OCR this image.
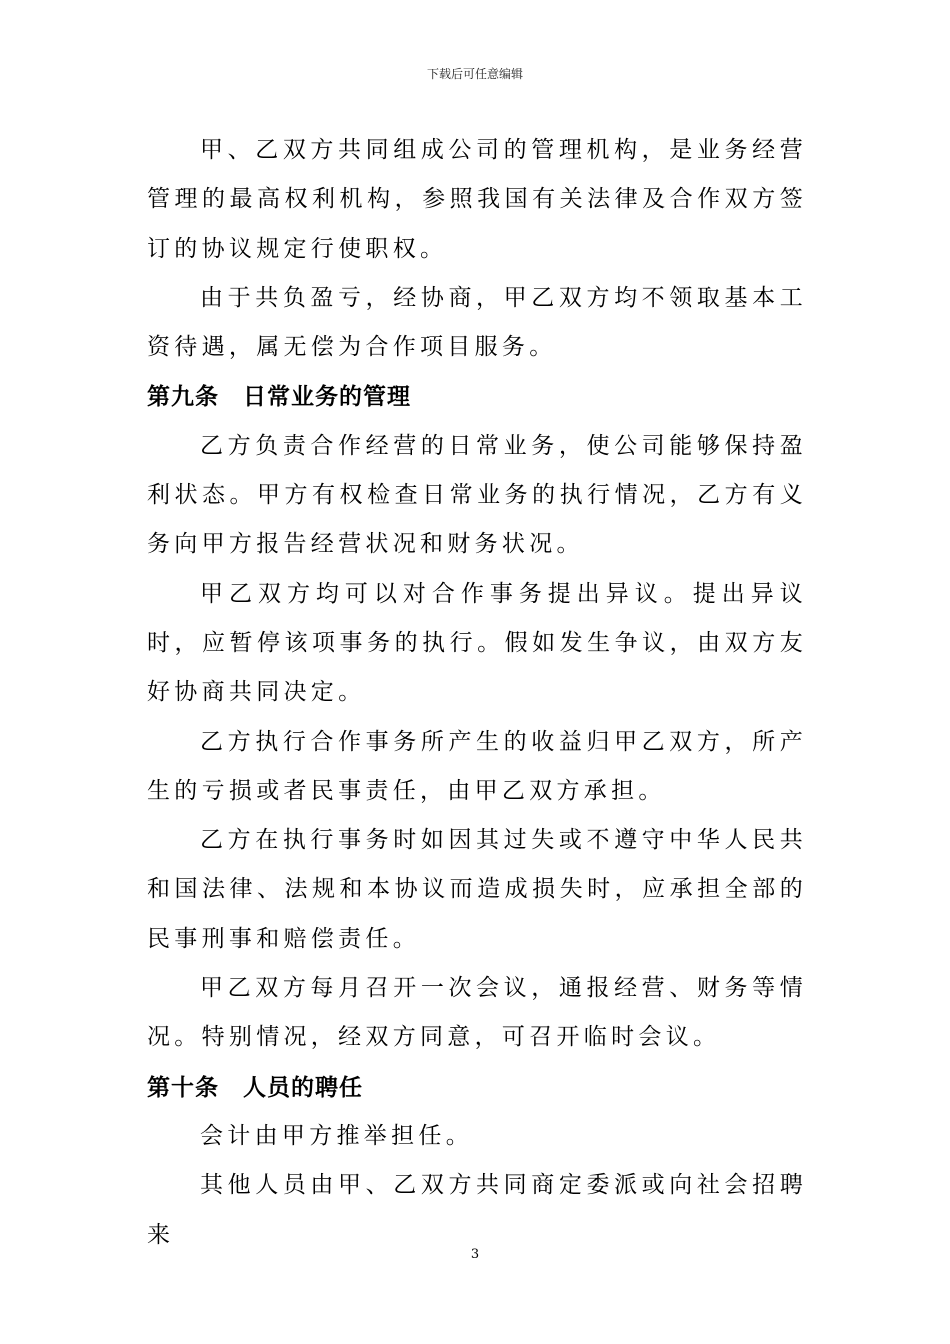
下载后可任意编辑

甲、乙双方共同组成公司的管理机构，是业务经营管理的最高权利机构，参照我国有关法律及合作双方签订的协议规定行使职权。

由于共负盈亏，经协商，甲乙双方均不领取基本工资待遇，属无偿为合作项目服务。

第九条　日常业务的管理

乙方负责合作经营的日常业务，使公司能够保持盈利状态。甲方有权检查日常业务的执行情况，乙方有义务向甲方报告经营状况和财务状况。

甲乙双方均可以对合作事务提出异议。提出异议时，应暂停该项事务的执行。假如发生争议，由双方友好协商共同决定。

乙方执行合作事务所产生的收益归甲乙双方，所产生的亏损或者民事责任，由甲乙双方承担。

乙方在执行事务时如因其过失或不遵守中华人民共和国法律、法规和本协议而造成损失时，应承担全部的民事刑事和赔偿责任。

甲乙双方每月召开一次会议，通报经营、财务等情况。特别情况，经双方同意，可召开临时会议。

第十条　人员的聘任

会计由甲方推举担任。

其他人员由甲、乙双方共同商定委派或向社会招聘来

3
